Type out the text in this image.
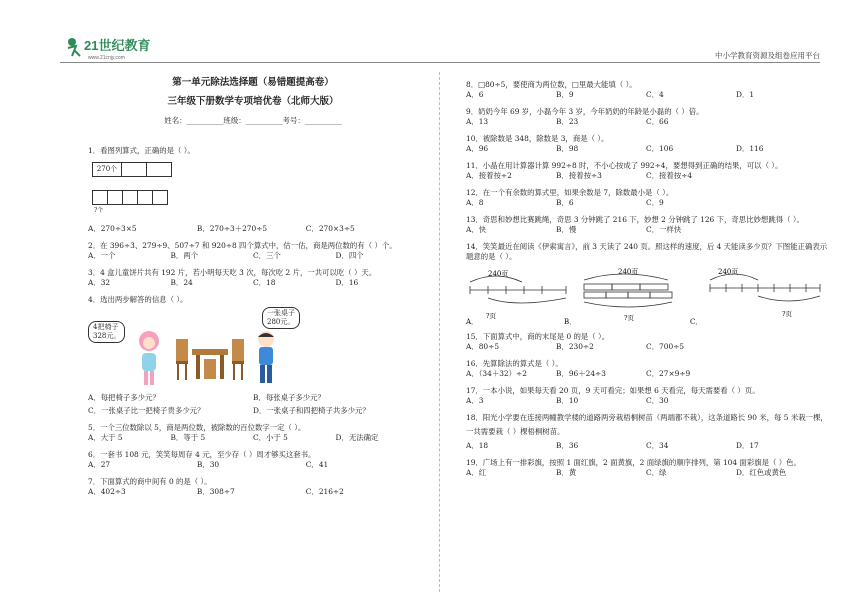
21世纪教育
www.21cnjy.com	中小学教育资源及组卷应用平台
第一单元除法选择题（易错题提高卷）
三年级下册数学专项培优卷（北师大版）
姓名：__________班级：__________考号：__________
1．看图列算式，正确的是（ ）。
270个
?个
A．270÷3×5	B．270÷3＋270÷5	C．270×3÷5
2．在 396÷3、279÷9、507÷7 和 920÷8 四个算式中，估一估，商是两位数的有（ ）个。
A．一个	B．两个	C．三个	D．四个
3．4 盒儿童饼片共有 192 片，若小明每天吃 3 次，每次吃 2 片，一共可以吃（ ）天。
A．32	B．24	C．18	D．16
4．选出两步解答的信息（ ）。
4把椅子
328元。
一张桌子
280元。
A．每把椅子多少元？	B．每张桌子多少元？
C．一张桌子比一把椅子贵多少元？	D．一张桌子和四把椅子共多少元？
5．一个三位数除以 5，商是两位数，被除数的百位数字一定（ ）。
A．大于 5	B．等于 5	C．小于 5	D．无法确定
6．一套书 108 元，笑笑每周存 4 元，至少存（ ）周才够买这套书。
A．27	B．30	C．41
7．下面算式的商中间有 0 的是（ ）。
A．402÷3	B．308÷7	C．216÷2
8．□80÷5，要使商为两位数，□里最大能填（ ）。
A．6	B．9	C．4	D．1
9．奶奶今年 69 岁，小磊今年 3 岁，今年奶奶的年龄是小磊的（ ）倍。
A．13	B．23	C．66
10．被除数是 348，除数是 3，商是（ ）。
A．96	B．98	C．106	D．116
11．小晶在用计算器计算 992÷8 时，不小心按成了 992÷4，要想得到正确的结果，可以（ ）。
A．接着按÷2	B．接着按÷3	C．接着按÷4
12．在一个有余数的算式里，如果余数是 7，除数最小是（ ）。
A．8	B．6	C．9
13．奇思和妙想比赛跳绳，奇思 3 分钟跳了 216 下，妙想 2 分钟跳了 126 下，奇思比妙想跳得（ ）。
A．快	B．慢	C．一样快
14．笑笑最近在阅读《伊索寓言》，前 3 天读了 240 页。照这样的速度，后 4 天能读多少页？下图能正确表示
题意的是（ ）。
240页
?页
A．
240页
?页
B．
240页
?页
C．
15．下面算式中，商的末尾是 0 的是（ ）。
A．80÷5	B．230÷2	C．700÷5
16．先算除法的算式是（ ）。
A．（34＋32）÷2	B．96＋24÷3	C．27×9÷9
17．一本小说，如果每天看 20 页，9 天可看完；如果想 6 天看完，每天需要看（ ）页。
A．3	B．10	C．30
18．阳光小学要在连接两幢教学楼的道路两旁栽梧桐树苗（两端都不栽），这条道路长 90 米，每 5 米栽一棵，
一共需要栽（ ）棵梧桐树苗。
A．18	B．36	C．34	D．17
19．广场上有一排彩旗，按照 1 面红旗，2 面黄旗，2 面绿旗的顺序排列，第 104 面彩旗是（ ）色。
A．红	B．黄	C．绿	D．红色或黄色
